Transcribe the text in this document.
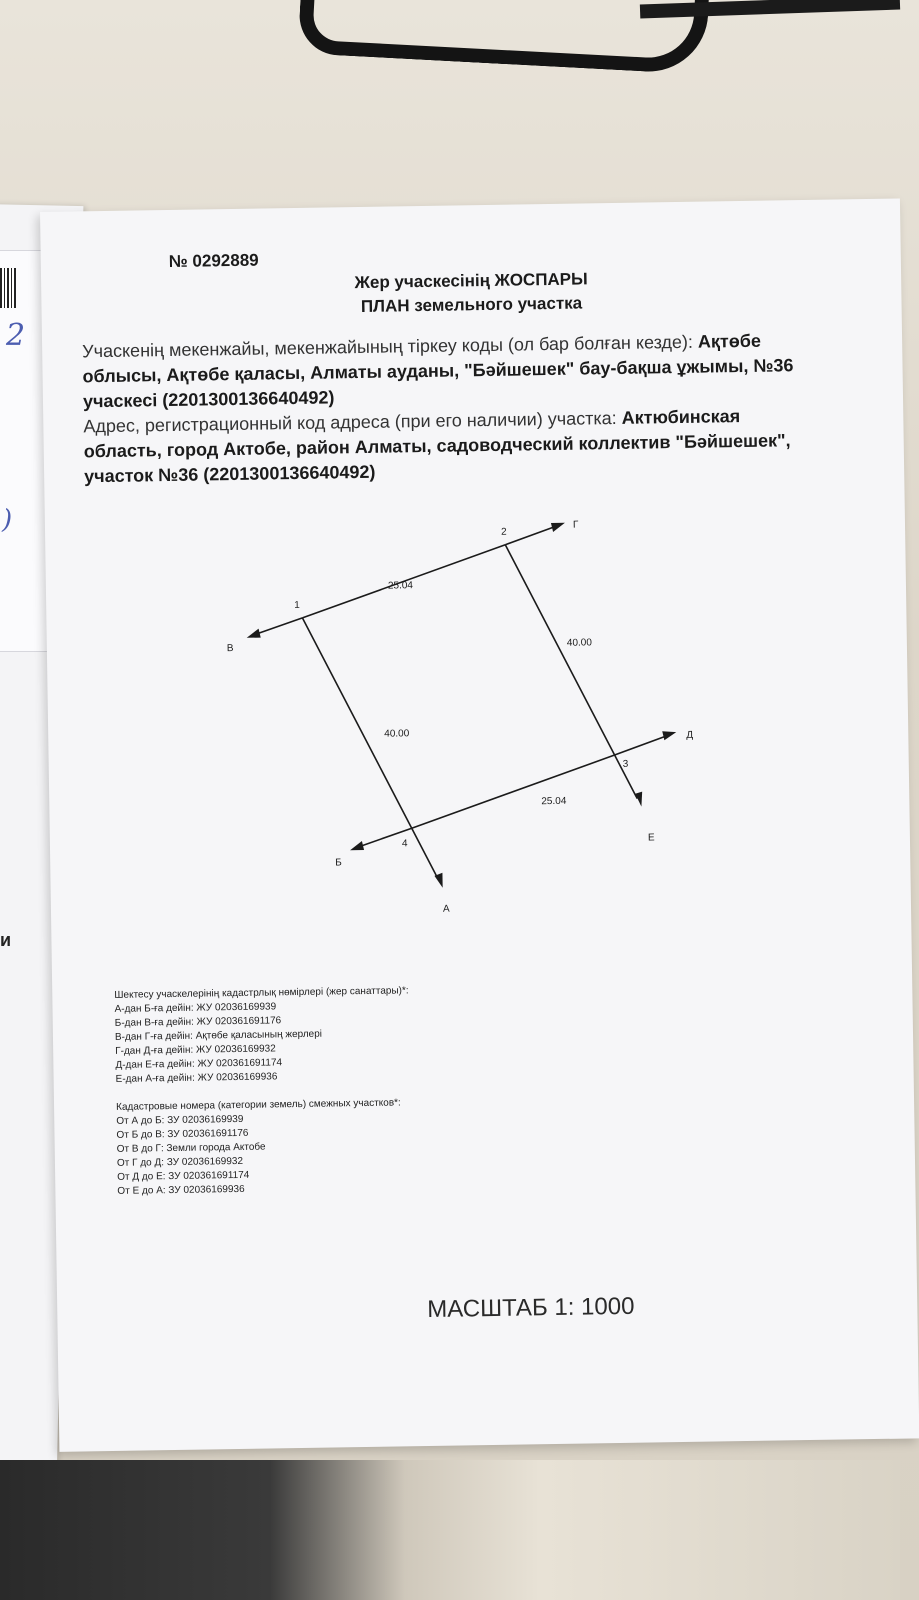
2
)
и
№ 0292889
Жер учаскесінің ЖОСПАРЫ
ПЛАН земельного участка
Учаскенің мекенжайы, мекенжайының тіркеу коды (ол бар болған кезде): Ақтөбе облысы, Ақтөбе қаласы, Алматы ауданы, "Бәйшешек" бау-бақша ұжымы, №36 учаскесі (2201300136640492)
Адрес, регистрационный код адреса (при его наличии) участка: Актюбинская область, город Актобе, район Алматы, садоводческий коллектив "Бәйшешек", участок №36 (2201300136640492)
1
2
3
4
25.04
40.00
25.04
40.00
А
Б
В
Г
Д
Е
Шектесу учаскелерінің кадастрлық нөмірлері (жер санаттары)*:
А-дан Б-ға дейін: ЖУ 02036169939
Б-дан В-ға дейін: ЖУ 020361691176
В-дан Г-ға дейін: Ақтөбе қаласының жерлері
Г-дан Д-ға дейін: ЖУ 02036169932
Д-дан Е-ға дейін: ЖУ 020361691174
Е-дан А-ға дейін: ЖУ 02036169936
Кадастровые номера (категории земель) смежных участков*:
От А до Б: ЗУ 02036169939
От Б до В: ЗУ 020361691176
От В до Г: Земли города Актобе
От Г до Д: ЗУ 02036169932
От Д до Е: ЗУ 020361691174
От Е до А: ЗУ 02036169936
МАСШТАБ 1: 1000
